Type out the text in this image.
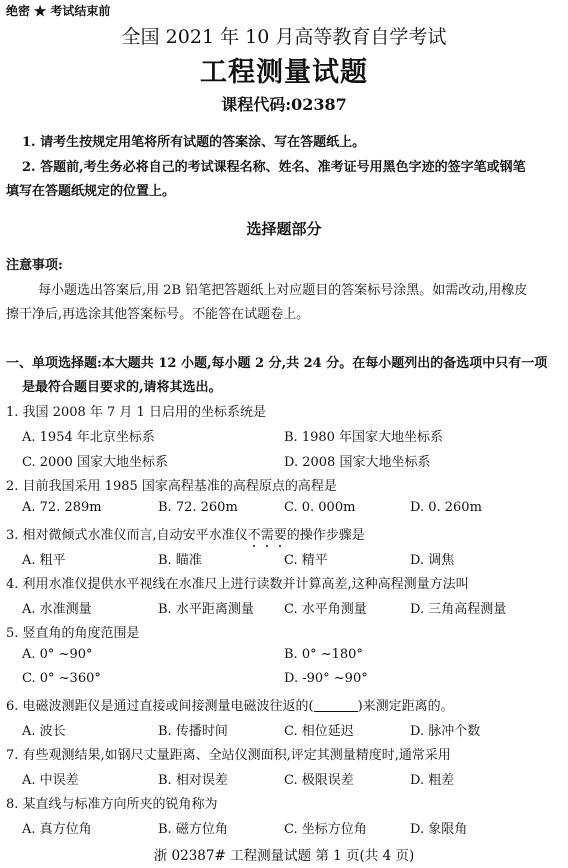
绝密 ★ 考试结束前
全国 2021 年 10 月高等教育自学考试
工程测量试题
课程代码:02387
1. 请考生按规定用笔将所有试题的答案涂、写在答题纸上。
2. 答题前,考生务必将自己的考试课程名称、姓名、准考证号用黑色字迹的签字笔或钢笔
填写在答题纸规定的位置上。
选择题部分
注意事项:
每小题选出答案后,用 2B 铅笔把答题纸上对应题目的答案标号涂黑。如需改动,用橡皮
擦干净后,再选涂其他答案标号。不能答在试题卷上。
一、单项选择题:本大题共 12 小题,每小题 2 分,共 24 分。在每小题列出的备选项中只有一项
是最符合题目要求的,请将其选出。
1. 我国 2008 年 7 月 1 日启用的坐标系统是
A. 1954 年北京坐标系	B. 1980 年国家大地坐标系
C. 2000 国家大地坐标系	D. 2008 国家大地坐标系
2. 目前我国采用 1985 国家高程基准的高程原点的高程是
A. 72. 289m	B. 72. 260m	C. 0. 000m	D. 0. 260m
3. 相对微倾式水准仪而言,自动安平水准仪不需要的操作步骤是
A. 粗平	B. 瞄准	C. 精平	D. 调焦
4. 利用水准仪提供水平视线在水准尺上进行读数并计算高差,这种高程测量方法叫
A. 水准测量	B. 水平距离测量 C. 水平角测量	D. 三角高程测量
5. 竖直角的角度范围是
A. 0° ~90°	B. 0° ~180°
C. 0° ~360°	D. -90° ~90°
6. 电磁波测距仪是通过直接或间接测量电磁波往返的(	)来测定距离的。
A. 波长	B. 传播时间	C. 相位延迟	D. 脉冲个数
7. 有些观测结果,如钢尺丈量距离、全站仪测面积,评定其测量精度时,通常采用
A. 中误差	B. 相对误差	C. 极限误差	D. 粗差
8. 某直线与标准方向所夹的锐角称为
A. 真方位角	B. 磁方位角	C. 坐标方位角	D. 象限角
浙 02387# 工程测量试题 第 1 页(共 4 页)
